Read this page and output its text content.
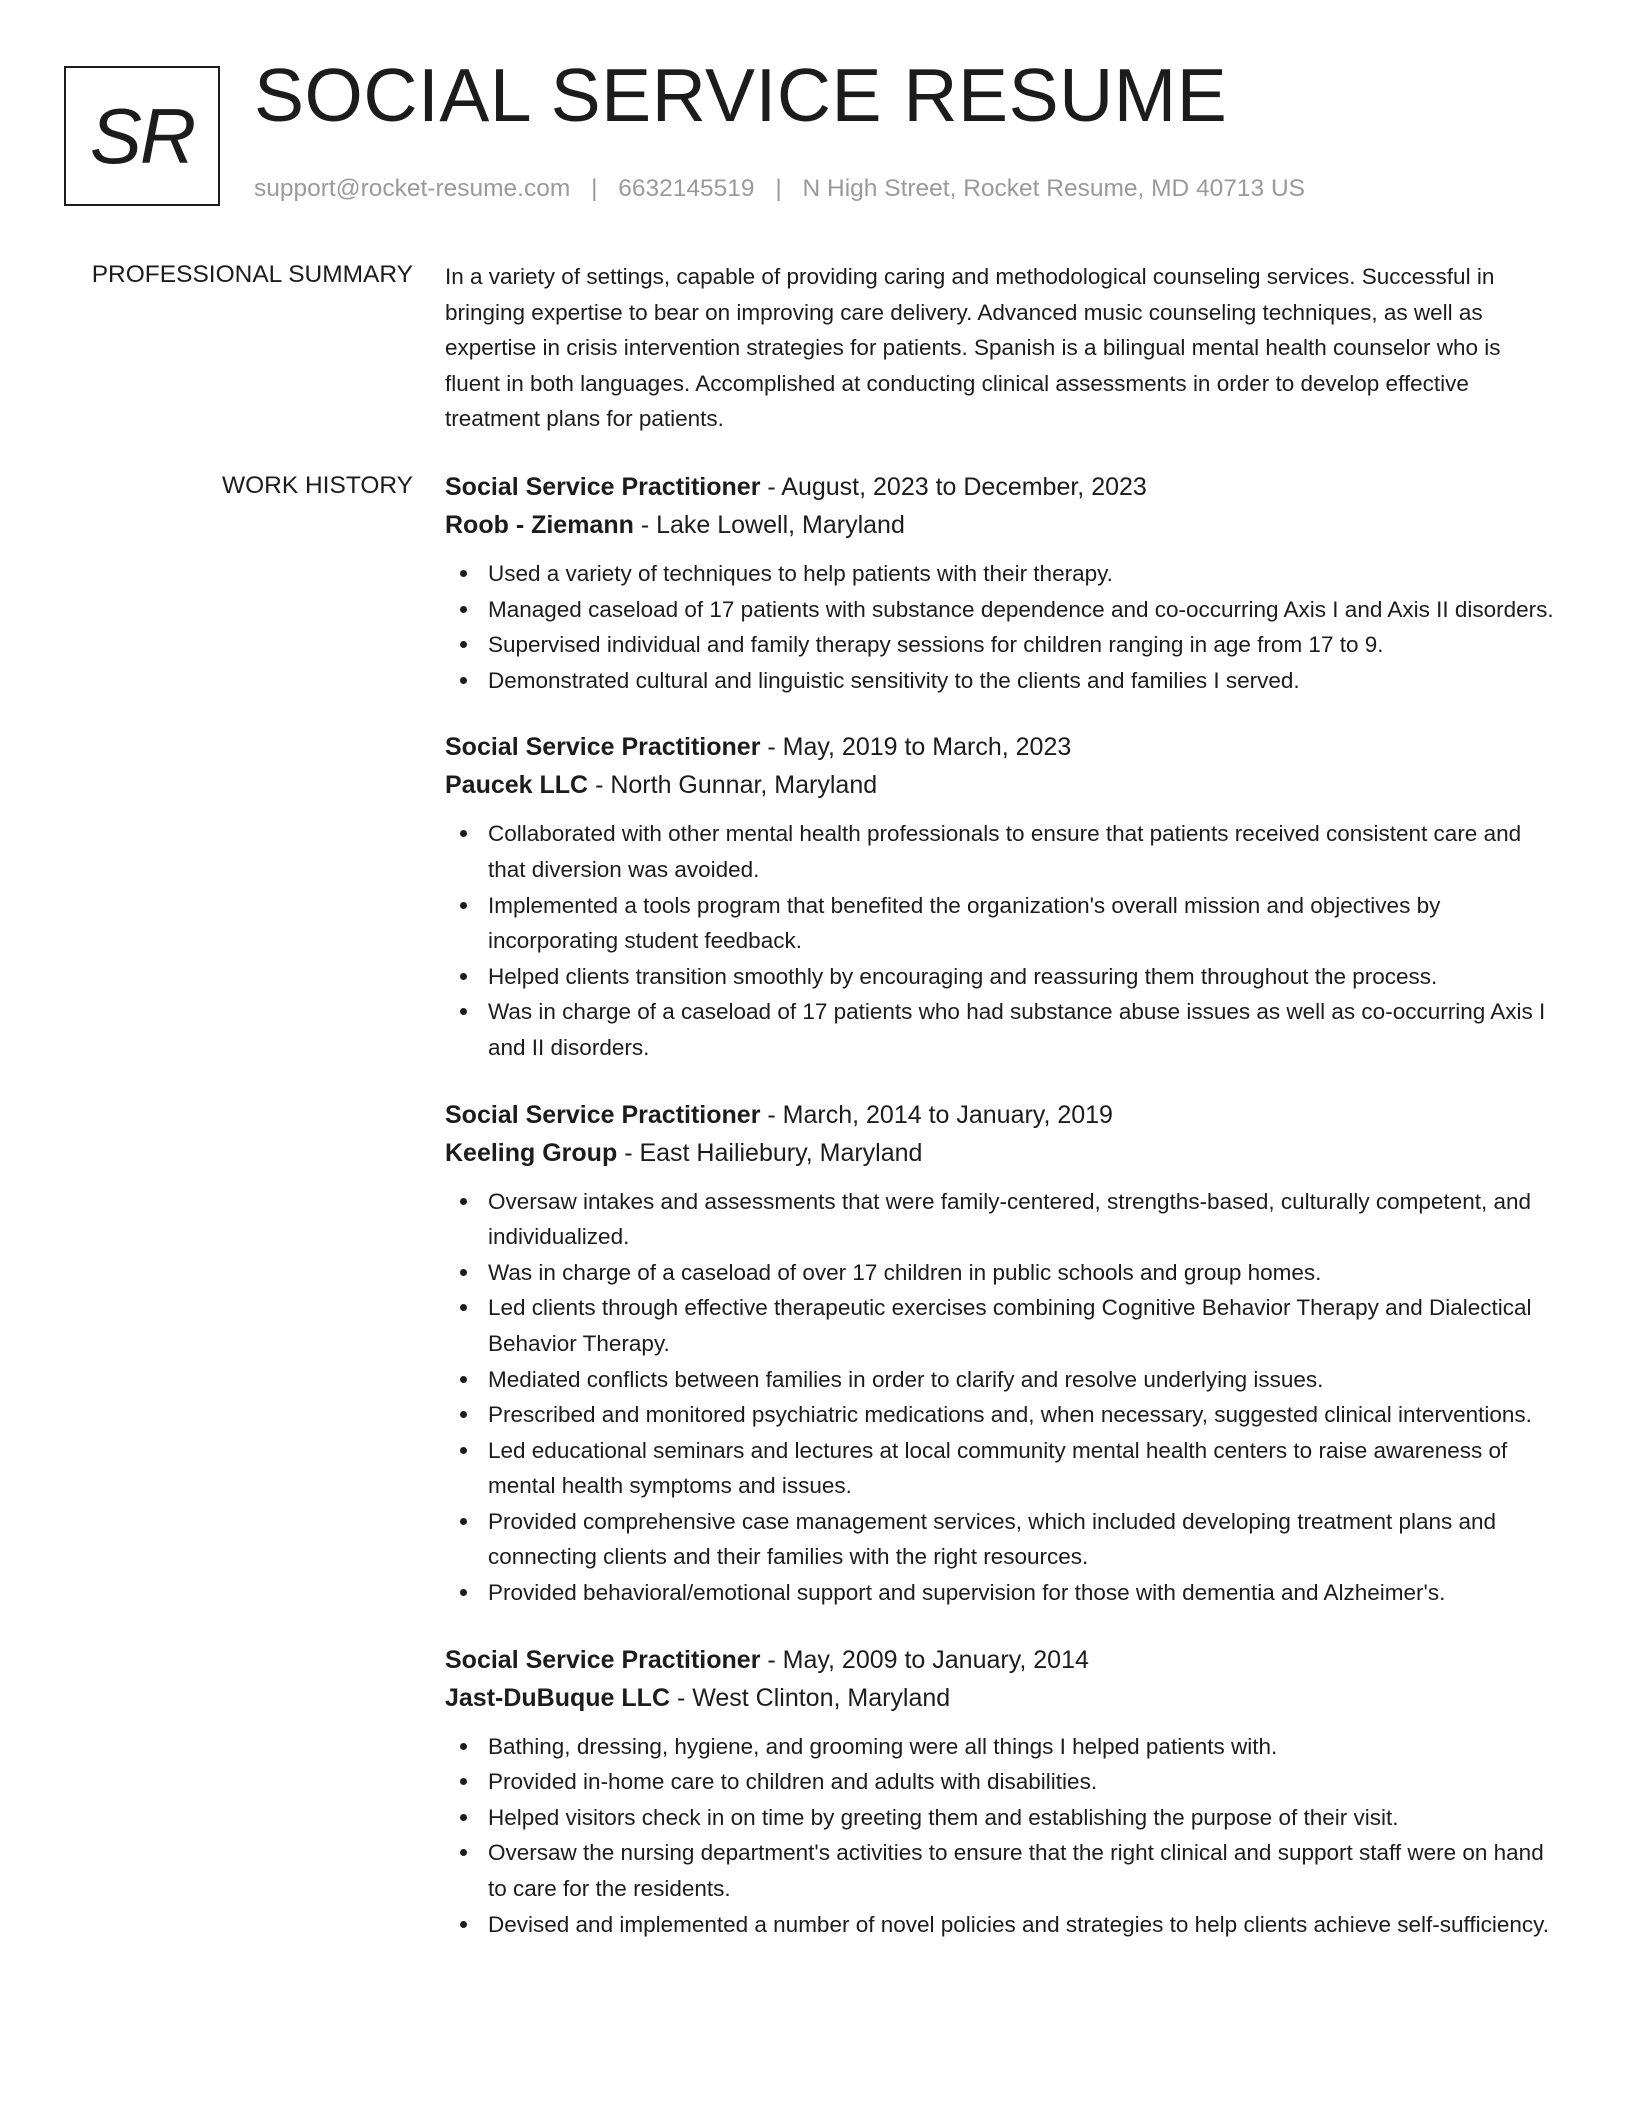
SR SOCIAL SERVICE RESUME
support@rocket-resume.com | 6632145519 | N High Street, Rocket Resume, MD 40713 US
PROFESSIONAL SUMMARY In a variety of settings, capable of providing caring and methodological counseling services. Successful in bringing expertise to bear on improving care delivery. Advanced music counseling techniques, as well as expertise in crisis intervention strategies for patients. Spanish is a bilingual mental health counselor who is fluent in both languages. Accomplished at conducting clinical assessments in order to develop effective treatment plans for patients.

WORK HISTORY Social Service Practitioner - August, 2023 to December, 2023
Roob - Ziemann - Lake Lowell, Maryland
Used a variety of techniques to help patients with their therapy.
Managed caseload of 17 patients with substance dependence and co-occurring Axis I and Axis II disorders.
Supervised individual and family therapy sessions for children ranging in age from 17 to 9.
Demonstrated cultural and linguistic sensitivity to the clients and families I served.
Social Service Practitioner - May, 2019 to March, 2023
Paucek LLC - North Gunnar, Maryland
Collaborated with other mental health professionals to ensure that patients received consistent care and that diversion was avoided.
Implemented a tools program that benefited the organization's overall mission and objectives by incorporating student feedback.
Helped clients transition smoothly by encouraging and reassuring them throughout the process.
Was in charge of a caseload of 17 patients who had substance abuse issues as well as co-occurring Axis I and II disorders.
Social Service Practitioner - March, 2014 to January, 2019
Keeling Group - East Hailiebury, Maryland
Oversaw intakes and assessments that were family-centered, strengths-based, culturally competent, and individualized.
Was in charge of a caseload of over 17 children in public schools and group homes.
Led clients through effective therapeutic exercises combining Cognitive Behavior Therapy and Dialectical Behavior Therapy.
Mediated conflicts between families in order to clarify and resolve underlying issues.
Prescribed and monitored psychiatric medications and, when necessary, suggested clinical interventions.
Led educational seminars and lectures at local community mental health centers to raise awareness of mental health symptoms and issues.
Provided comprehensive case management services, which included developing treatment plans and connecting clients and their families with the right resources.
Provided behavioral/emotional support and supervision for those with dementia and Alzheimer's.
Social Service Practitioner - May, 2009 to January, 2014
Jast-DuBuque LLC - West Clinton, Maryland
Bathing, dressing, hygiene, and grooming were all things I helped patients with.
Provided in-home care to children and adults with disabilities.
Helped visitors check in on time by greeting them and establishing the purpose of their visit.
Oversaw the nursing department's activities to ensure that the right clinical and support staff were on hand to care for the residents.
Devised and implemented a number of novel policies and strategies to help clients achieve self-sufficiency.
